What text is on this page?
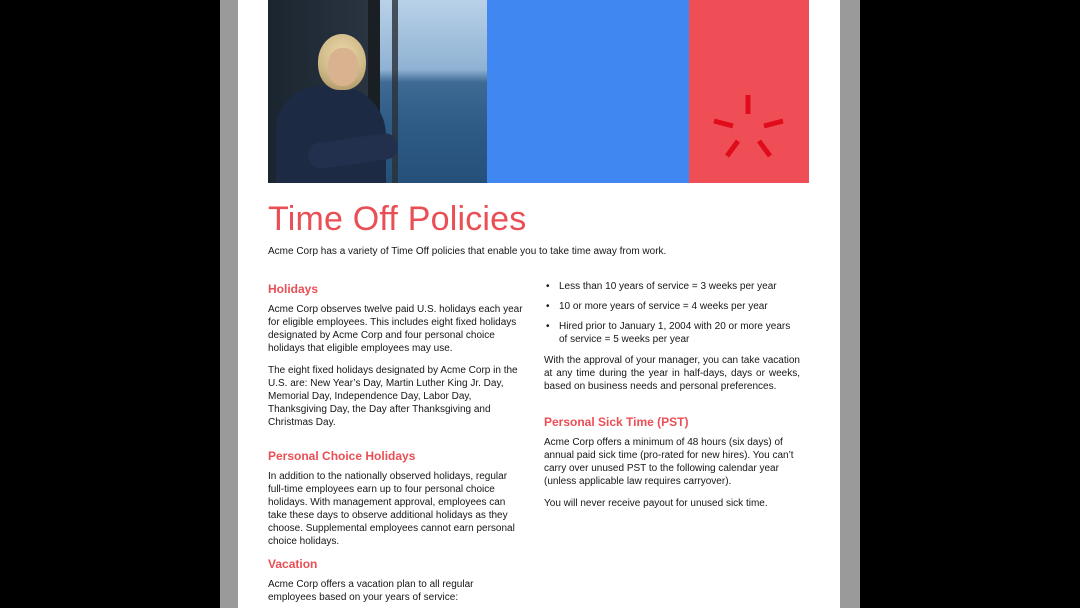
Time Off Policies

Acme Corp has a variety of Time Off policies that enable you to take time away from work.

Holidays

Acme Corp observes twelve paid U.S. holidays each year for eligible employees. This includes eight fixed holidays designated by Acme Corp and four personal choice holidays that eligible employees may use.

The eight fixed holidays designated by Acme Corp in the U.S. are: New Year’s Day, Martin Luther King Jr. Day, Memorial Day, Independence Day, Labor Day, Thanksgiving Day, the Day after Thanksgiving and Christmas Day.

Personal Choice Holidays

In addition to the nationally observed holidays, regular full-time employees earn up to four personal choice holidays. With management approval, employees can take these days to observe additional holidays as they choose. Supplemental employees cannot earn personal choice holidays.

Vacation

Acme Corp offers a vacation plan to all regular employees based on your years of service:

• Less than 10 years of service = 3 weeks per year
• 10 or more years of service = 4 weeks per year
• Hired prior to January 1, 2004 with 20 or more years of service = 5 weeks per year

With the approval of your manager, you can take vacation at any time during the year in half-days, days or weeks, based on business needs and personal preferences.

Personal Sick Time (PST)

Acme Corp offers a minimum of 48 hours (six days) of annual paid sick time (pro-rated for new hires). You can’t carry over unused PST to the following calendar year (unless applicable law requires carryover).

You will never receive payout for unused sick time.
